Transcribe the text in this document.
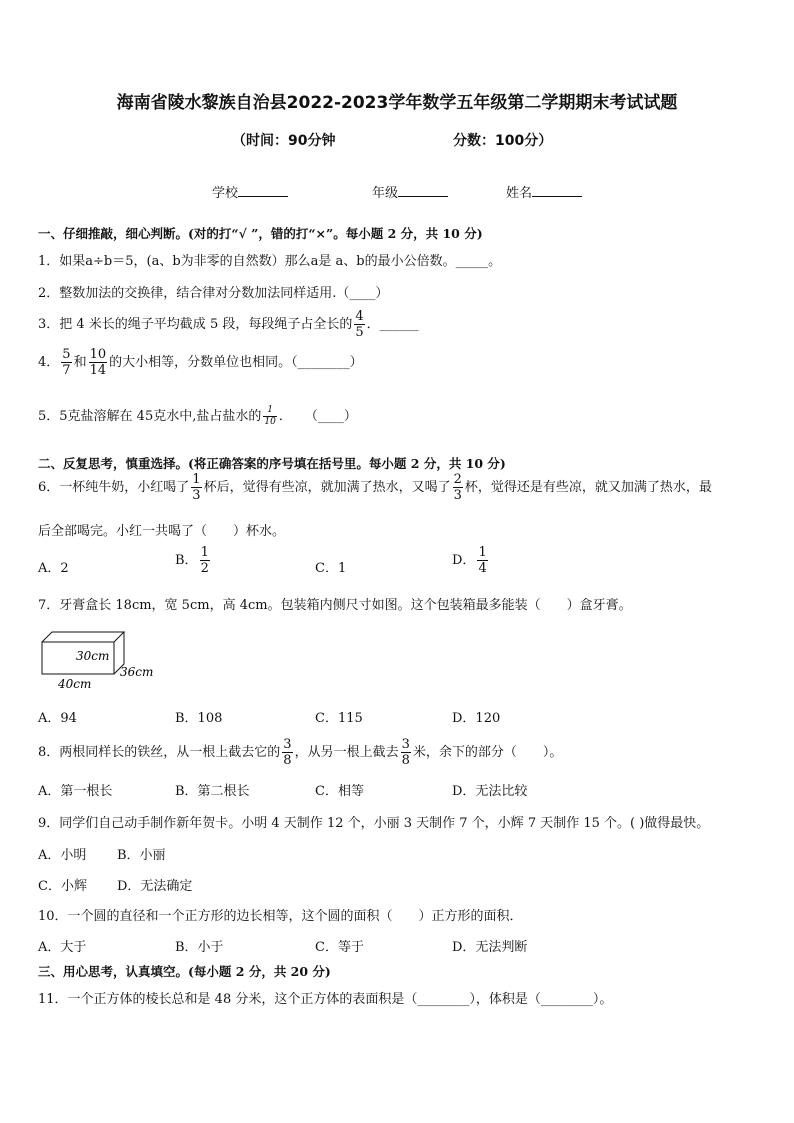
海南省陵水黎族自治县2022-2023学年数学五年级第二学期期末考试试题
（时间：90分钟	分数：100分）
学校	年级	姓名
一、仔细推敲，细心判断。(对的打“√ ”，错的打“×”。每小题 2 分，共 10 分)
1．如果a÷b＝5，(a、b为非零的自然数）那么a是 a、b的最小公倍数。_____。
2．整数加法的交换律，结合律对分数加法同样适用.（____）
3．把 4 米长的绳子平均截成 5 段，每段绳子占全长的 $\frac{4}{5}$ ．______
4． $\frac{5}{7}$ 和 $\frac{10}{14}$ 的大小相等，分数单位也相同。（________）
5．5克盐溶解在 45克水中,盐占盐水的 $\frac{1}{10}$ ．　　（____）
二、反复思考，慎重选择。(将正确答案的序号填在括号里。每小题 2 分，共 10 分)
6．一杯纯牛奶，小红喝了 $\frac{1}{3}$ 杯后，觉得有些凉，就加满了热水，又喝了 $\frac{2}{3}$ 杯，觉得还是有些凉，就又加满了热水，最
后全部喝完。小红一共喝了（　　）杯水。
A．2
B． $\frac{1}{2}$	C．1
D． $\frac{1}{4}$
7．牙膏盒长 18cm，宽 5cm，高 4cm。包装箱内侧尺寸如图。这个包装箱最多能装（　　）盒牙膏。
30cm
36cm
40cm
A．94	B．108	C．115	D．120
8．两根同样长的铁丝，从一根上截去它的 $\frac{3}{8}$ ，从另一根上截去 $\frac{3}{8}$ 米，余下的部分（　　）。
A．第一根长	B．第二根长	C．相等	D．无法比较
9．同学们自己动手制作新年贺卡。小明 4 天制作 12 个，小丽 3 天制作 7 个，小辉 7 天制作 15 个。( )做得最快。
A．小明 B．小丽
C．小辉 D．无法确定
10．一个圆的直径和一个正方形的边长相等，这个圆的面积（　　）正方形的面积．
A．大于	B．小于	C．等于	D．无法判断
三、用心思考，认真填空。(每小题 2 分，共 20 分)
11．一个正方体的棱长总和是 48 分米，这个正方体的表面积是（________），体积是（________）。
